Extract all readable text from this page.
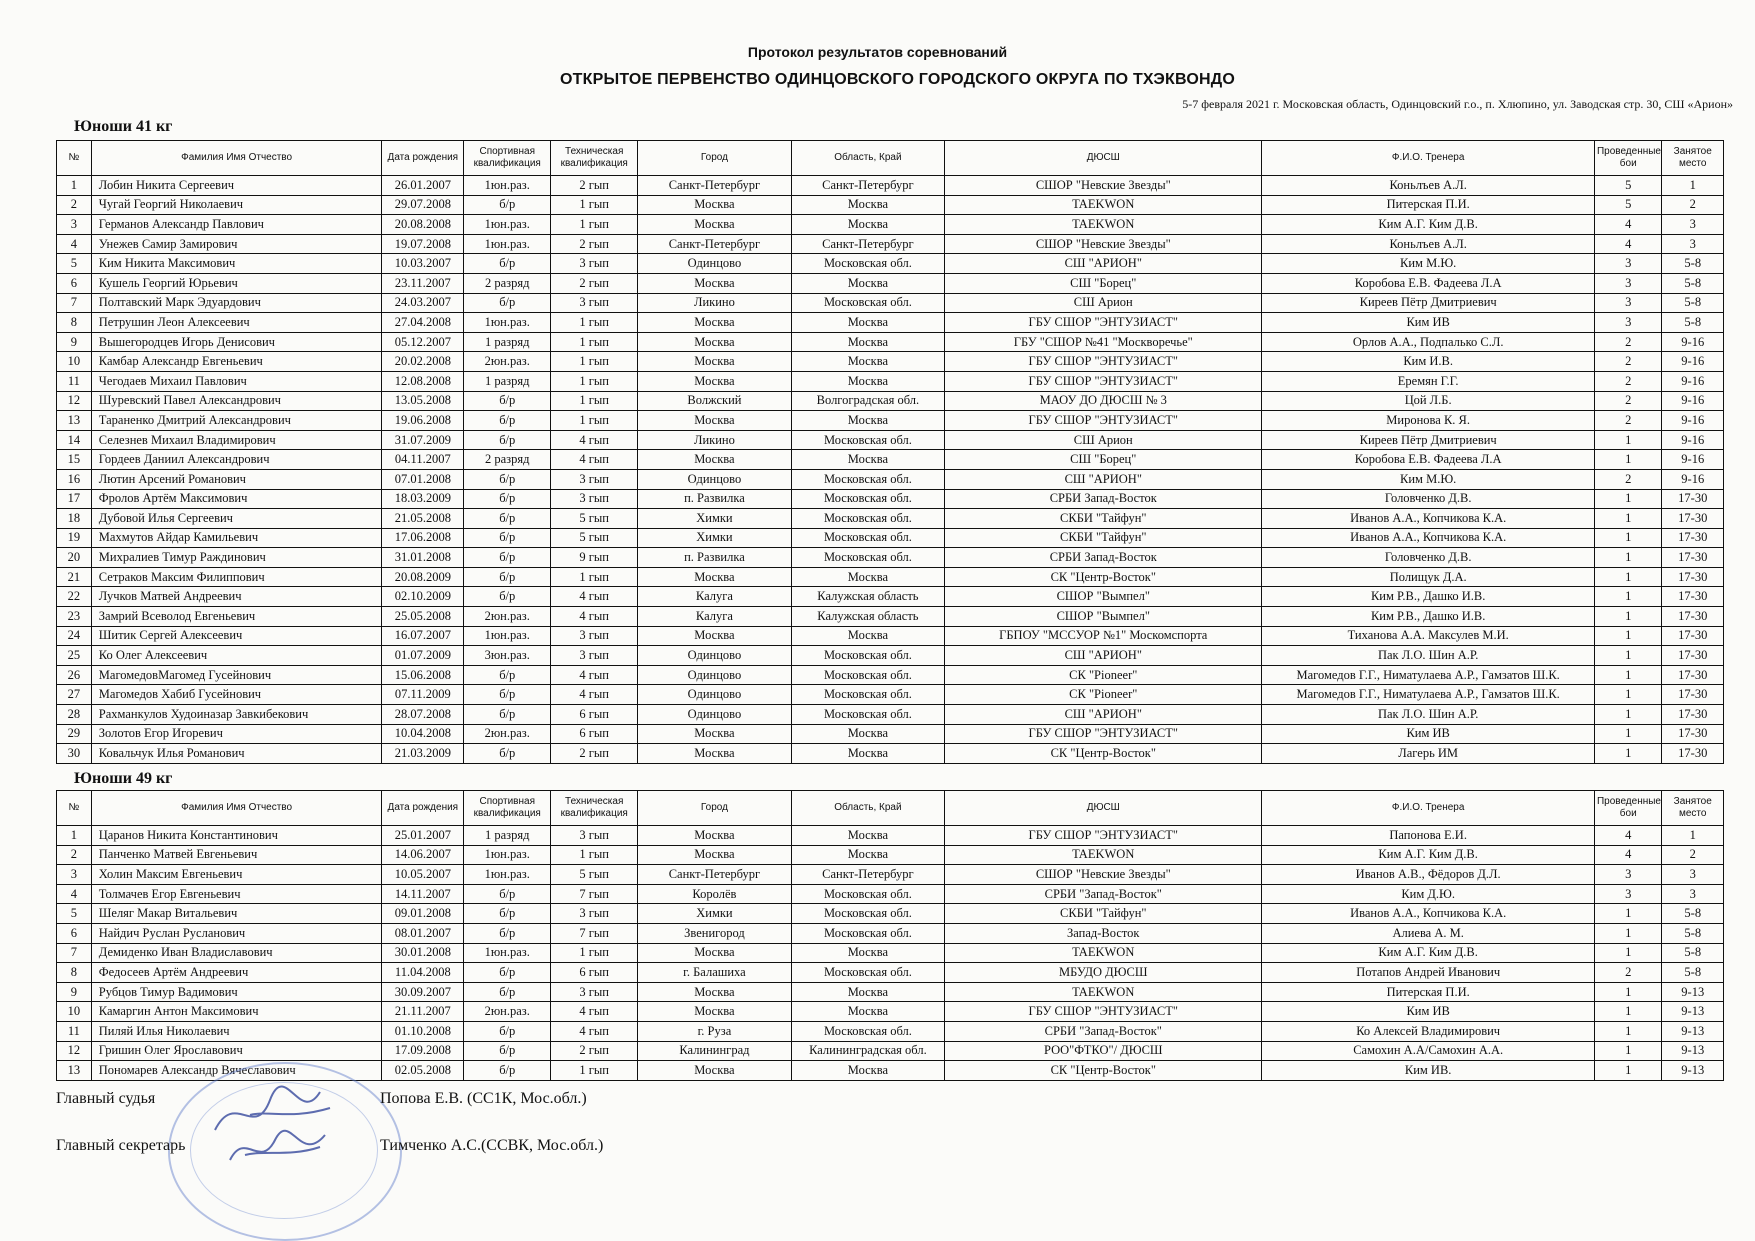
Протокол результатов соревнований
ОТКРЫТОЕ ПЕРВЕНСТВО ОДИНЦОВСКОГО ГОРОДСКОГО ОКРУГА ПО ТХЭКВОНДО
5-7 февраля 2021 г. Московская область, Одинцовский г.о., п. Хлюпино, ул. Заводская стр. 30, СШ «Арион»
Юноши 41 кг
№	Фамилия Имя Отчество	Дата рождения	Спортивная квалификация	Техническая квалификация	Город	Область, Край	ДЮСШ	Ф.И.О. Тренера	Проведенные бои	Занятое место
1	Лобин Никита Сергеевич	26.01.2007	1юн.раз.	2 гып	Санкт-Петербург	Санкт-Петербург	СШОР "Невские Звезды"	Коньлъев А.Л.	5	1
2	Чугай Георгий Николаевич	29.07.2008	б/р	1 гып	Москва	Москва	TAEKWON	Питерская П.И.	5	2
3	Германов Александр Павлович	20.08.2008	1юн.раз.	1 гып	Москва	Москва	TAEKWON	Ким А.Г. Ким Д.В.	4	3
4	Унежев Самир Замирович	19.07.2008	1юн.раз.	2 гып	Санкт-Петербург	Санкт-Петербург	СШОР "Невские Звезды"	Коньлъев А.Л.	4	3
5	Ким Никита Максимович	10.03.2007	б/р	3 гып	Одинцово	Московская обл.	СШ "АРИОН"	Ким М.Ю.	3	5-8
6	Кушель Георгий Юрьевич	23.11.2007	2 разряд	2 гып	Москва	Москва	СШ "Борец"	Коробова Е.В. Фадеева Л.А	3	5-8
7	Полтавский Марк Эдуардович	24.03.2007	б/р	3 гып	Ликино	Московская обл.	СШ Арион	Киреев Пётр Дмитриевич	3	5-8
8	Петрушин Леон Алексеевич	27.04.2008	1юн.раз.	1 гып	Москва	Москва	ГБУ СШОР "ЭНТУЗИАСТ"	Ким ИВ	3	5-8
9	Вышегородцев Игорь Денисович	05.12.2007	1 разряд	1 гып	Москва	Москва	ГБУ "СШОР №41 "Москворечье"	Орлов А.А., Подпалько С.Л.	2	9-16
10	Камбар Александр Евгеньевич	20.02.2008	2юн.раз.	1 гып	Москва	Москва	ГБУ СШОР "ЭНТУЗИАСТ"	Ким И.В.	2	9-16
11	Чегодаев Михаил Павлович	12.08.2008	1 разряд	1 гып	Москва	Москва	ГБУ СШОР "ЭНТУЗИАСТ"	Еремян Г.Г.	2	9-16
12	Шуревский Павел Александрович	13.05.2008	б/р	1 гып	Волжский	Волгоградская обл.	МАОУ ДО ДЮСШ № 3	Цой Л.Б.	2	9-16
13	Тараненко Дмитрий Александрович	19.06.2008	б/р	1 гып	Москва	Москва	ГБУ СШОР "ЭНТУЗИАСТ"	Миронова К. Я.	2	9-16
14	Селезнев Михаил Владимирович	31.07.2009	б/р	4 гып	Ликино	Московская обл.	СШ Арион	Киреев Пётр Дмитриевич	1	9-16
15	Гордеев Даниил Александрович	04.11.2007	2 разряд	4 гып	Москва	Москва	СШ "Борец"	Коробова Е.В. Фадеева Л.А	1	9-16
16	Лютин Арсений Романович	07.01.2008	б/р	3 гып	Одинцово	Московская обл.	СШ "АРИОН"	Ким М.Ю.	2	9-16
17	Фролов Артём Максимович	18.03.2009	б/р	3 гып	п. Развилка	Московская обл.	СРБИ Запад-Восток	Головченко Д.В.	1	17-30
18	Дубовой Илья Сергеевич	21.05.2008	б/р	5 гып	Химки	Московская обл.	СКБИ "Тайфун"	Иванов А.А., Копчикова К.А.	1	17-30
19	Махмутов Айдар Камильевич	17.06.2008	б/р	5 гып	Химки	Московская обл.	СКБИ "Тайфун"	Иванов А.А., Копчикова К.А.	1	17-30
20	Михралиев Тимур Раждинович	31.01.2008	б/р	9 гып	п. Развилка	Московская обл.	СРБИ Запад-Восток	Головченко Д.В.	1	17-30
21	Сетраков Максим Филиппович	20.08.2009	б/р	1 гып	Москва	Москва	СК "Центр-Восток"	Полищук Д.А.	1	17-30
22	Лучков Матвей Андреевич	02.10.2009	б/р	4 гып	Калуга	Калужская область	СШОР "Вымпел"	Ким Р.В., Дашко И.В.	1	17-30
23	Замрий Всеволод Евгеньевич	25.05.2008	2юн.раз.	4 гып	Калуга	Калужская область	СШОР "Вымпел"	Ким Р.В., Дашко И.В.	1	17-30
24	Шитик Сергей Алексеевич	16.07.2007	1юн.раз.	3 гып	Москва	Москва	ГБПОУ "МССУОР №1" Москомспорта	Тиханова А.А. Максулев М.И.	1	17-30
25	Ко Олег Алексеевич	01.07.2009	3юн.раз.	3 гып	Одинцово	Московская обл.	СШ "АРИОН"	Пак Л.О. Шин А.Р.	1	17-30
26	МагомедовМагомед Гусейнович	15.06.2008	б/р	4 гып	Одинцово	Московская обл.	СК "Pioneer"	Магомедов Г.Г., Ниматулаева А.Р., Гамзатов Ш.К.	1	17-30
27	Магомедов Хабиб Гусейнович	07.11.2009	б/р	4 гып	Одинцово	Московская обл.	СК "Pioneer"	Магомедов Г.Г., Ниматулаева А.Р., Гамзатов Ш.К.	1	17-30
28	Рахманкулов Худоиназар Завкибекович	28.07.2008	б/р	6 гып	Одинцово	Московская обл.	СШ "АРИОН"	Пак Л.О. Шин А.Р.	1	17-30
29	Золотов Егор Игоревич	10.04.2008	2юн.раз.	6 гып	Москва	Москва	ГБУ СШОР "ЭНТУЗИАСТ"	Ким ИВ	1	17-30
30	Ковальчук Илья Романович	21.03.2009	б/р	2 гып	Москва	Москва	СК "Центр-Восток"	Лагерь ИМ	1	17-30
Юноши 49 кг
№	Фамилия Имя Отчество	Дата рождения	Спортивная квалификация	Техническая квалификация	Город	Область, Край	ДЮСШ	Ф.И.О. Тренера	Проведенные бои	Занятое место
1	Царанов Никита Константинович	25.01.2007	1 разряд	3 гып	Москва	Москва	ГБУ СШОР "ЭНТУЗИАСТ"	Папонова Е.И.	4	1
2	Панченко Матвей Евгеньевич	14.06.2007	1юн.раз.	1 гып	Москва	Москва	TAEKWON	Ким А.Г. Ким Д.В.	4	2
3	Холин Максим Евгеньевич	10.05.2007	1юн.раз.	5 гып	Санкт-Петербург	Санкт-Петербург	СШОР "Невские Звезды"	Иванов А.В., Фёдоров Д.Л.	3	3
4	Толмачев Егор Евгеньевич	14.11.2007	б/р	7 гып	Королёв	Московская обл.	СРБИ "Запад-Восток"	Ким Д.Ю.	3	3
5	Шеляг Макар Витальевич	09.01.2008	б/р	3 гып	Химки	Московская обл.	СКБИ "Тайфун"	Иванов А.А., Копчикова К.А.	1	5-8
6	Найдич Руслан Русланович	08.01.2007	б/р	7 гып	Звенигород	Московская обл.	Запад-Восток	Алиева А. М.	1	5-8
7	Демиденко Иван Владиславович	30.01.2008	1юн.раз.	1 гып	Москва	Москва	TAEKWON	Ким А.Г. Ким Д.В.	1	5-8
8	Федосеев Артём Андреевич	11.04.2008	б/р	6 гып	г. Балашиха	Московская обл.	МБУДО ДЮСШ	Потапов Андрей Иванович	2	5-8
9	Рубцов Тимур Вадимович	30.09.2007	б/р	3 гып	Москва	Москва	TAEKWON	Питерская П.И.	1	9-13
10	Камаргин Антон Максимович	21.11.2007	2юн.раз.	4 гып	Москва	Москва	ГБУ СШОР "ЭНТУЗИАСТ"	Ким ИВ	1	9-13
11	Пиляй Илья Николаевич	01.10.2008	б/р	4 гып	г. Руза	Московская обл.	СРБИ "Запад-Восток"	Ко Алексей Владимирович	1	9-13
12	Гришин Олег Ярославович	17.09.2008	б/р	2 гып	Калининград	Калининградская обл.	РОО"ФТКО"/ ДЮСШ	Самохин А.А/Самохин А.А.	1	9-13
13	Пономарев Александр Вячеславович	02.05.2008	б/р	1 гып	Москва	Москва	СК "Центр-Восток"	Ким ИВ.	1	9-13
Главный судья	Попова Е.В. (СС1К, Мос.обл.)
Главный секретарь	Тимченко А.С.(ССВК, Мос.обл.)
